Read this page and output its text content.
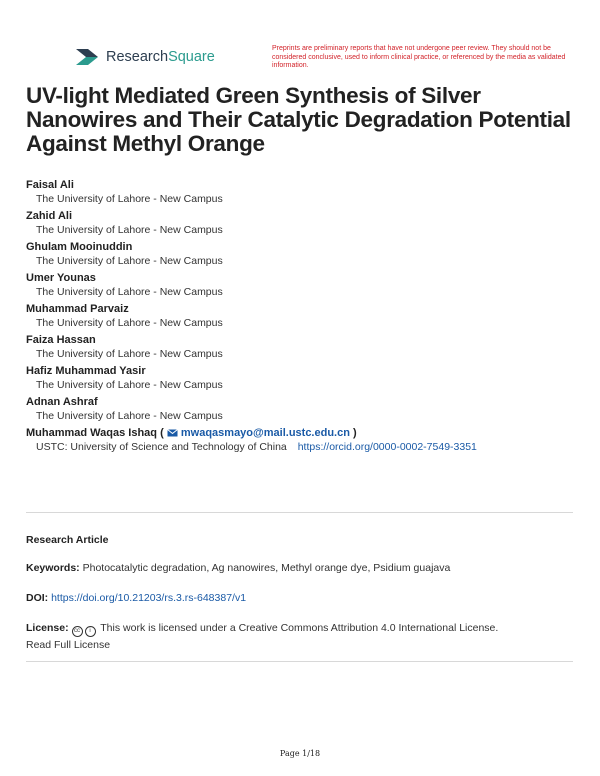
ResearchSquare
Preprints are preliminary reports that have not undergone peer review. They should not be considered conclusive, used to inform clinical practice, or referenced by the media as validated information.
UV-light Mediated Green Synthesis of Silver Nanowires and Their Catalytic Degradation Potential Against Methyl Orange
Faisal Ali
The University of Lahore - New Campus
Zahid Ali
The University of Lahore - New Campus
Ghulam Mooinuddin
The University of Lahore - New Campus
Umer Younas
The University of Lahore - New Campus
Muhammad Parvaiz
The University of Lahore - New Campus
Faiza Hassan
The University of Lahore - New Campus
Hafiz Muhammad Yasir
The University of Lahore - New Campus
Adnan Ashraf
The University of Lahore - New Campus
Muhammad Waqas Ishaq (  mwaqasmayo@mail.ustc.edu.cn )
USTC: University of Science and Technology of China https://orcid.org/0000-0002-7549-3351
Research Article
Keywords: Photocatalytic degradation, Ag nanowires, Methyl orange dye, Psidium guajava
DOI: https://doi.org/10.21203/rs.3.rs-648387/v1
License: cc i This work is licensed under a Creative Commons Attribution 4.0 International License.
Read Full License
Page 1/18
